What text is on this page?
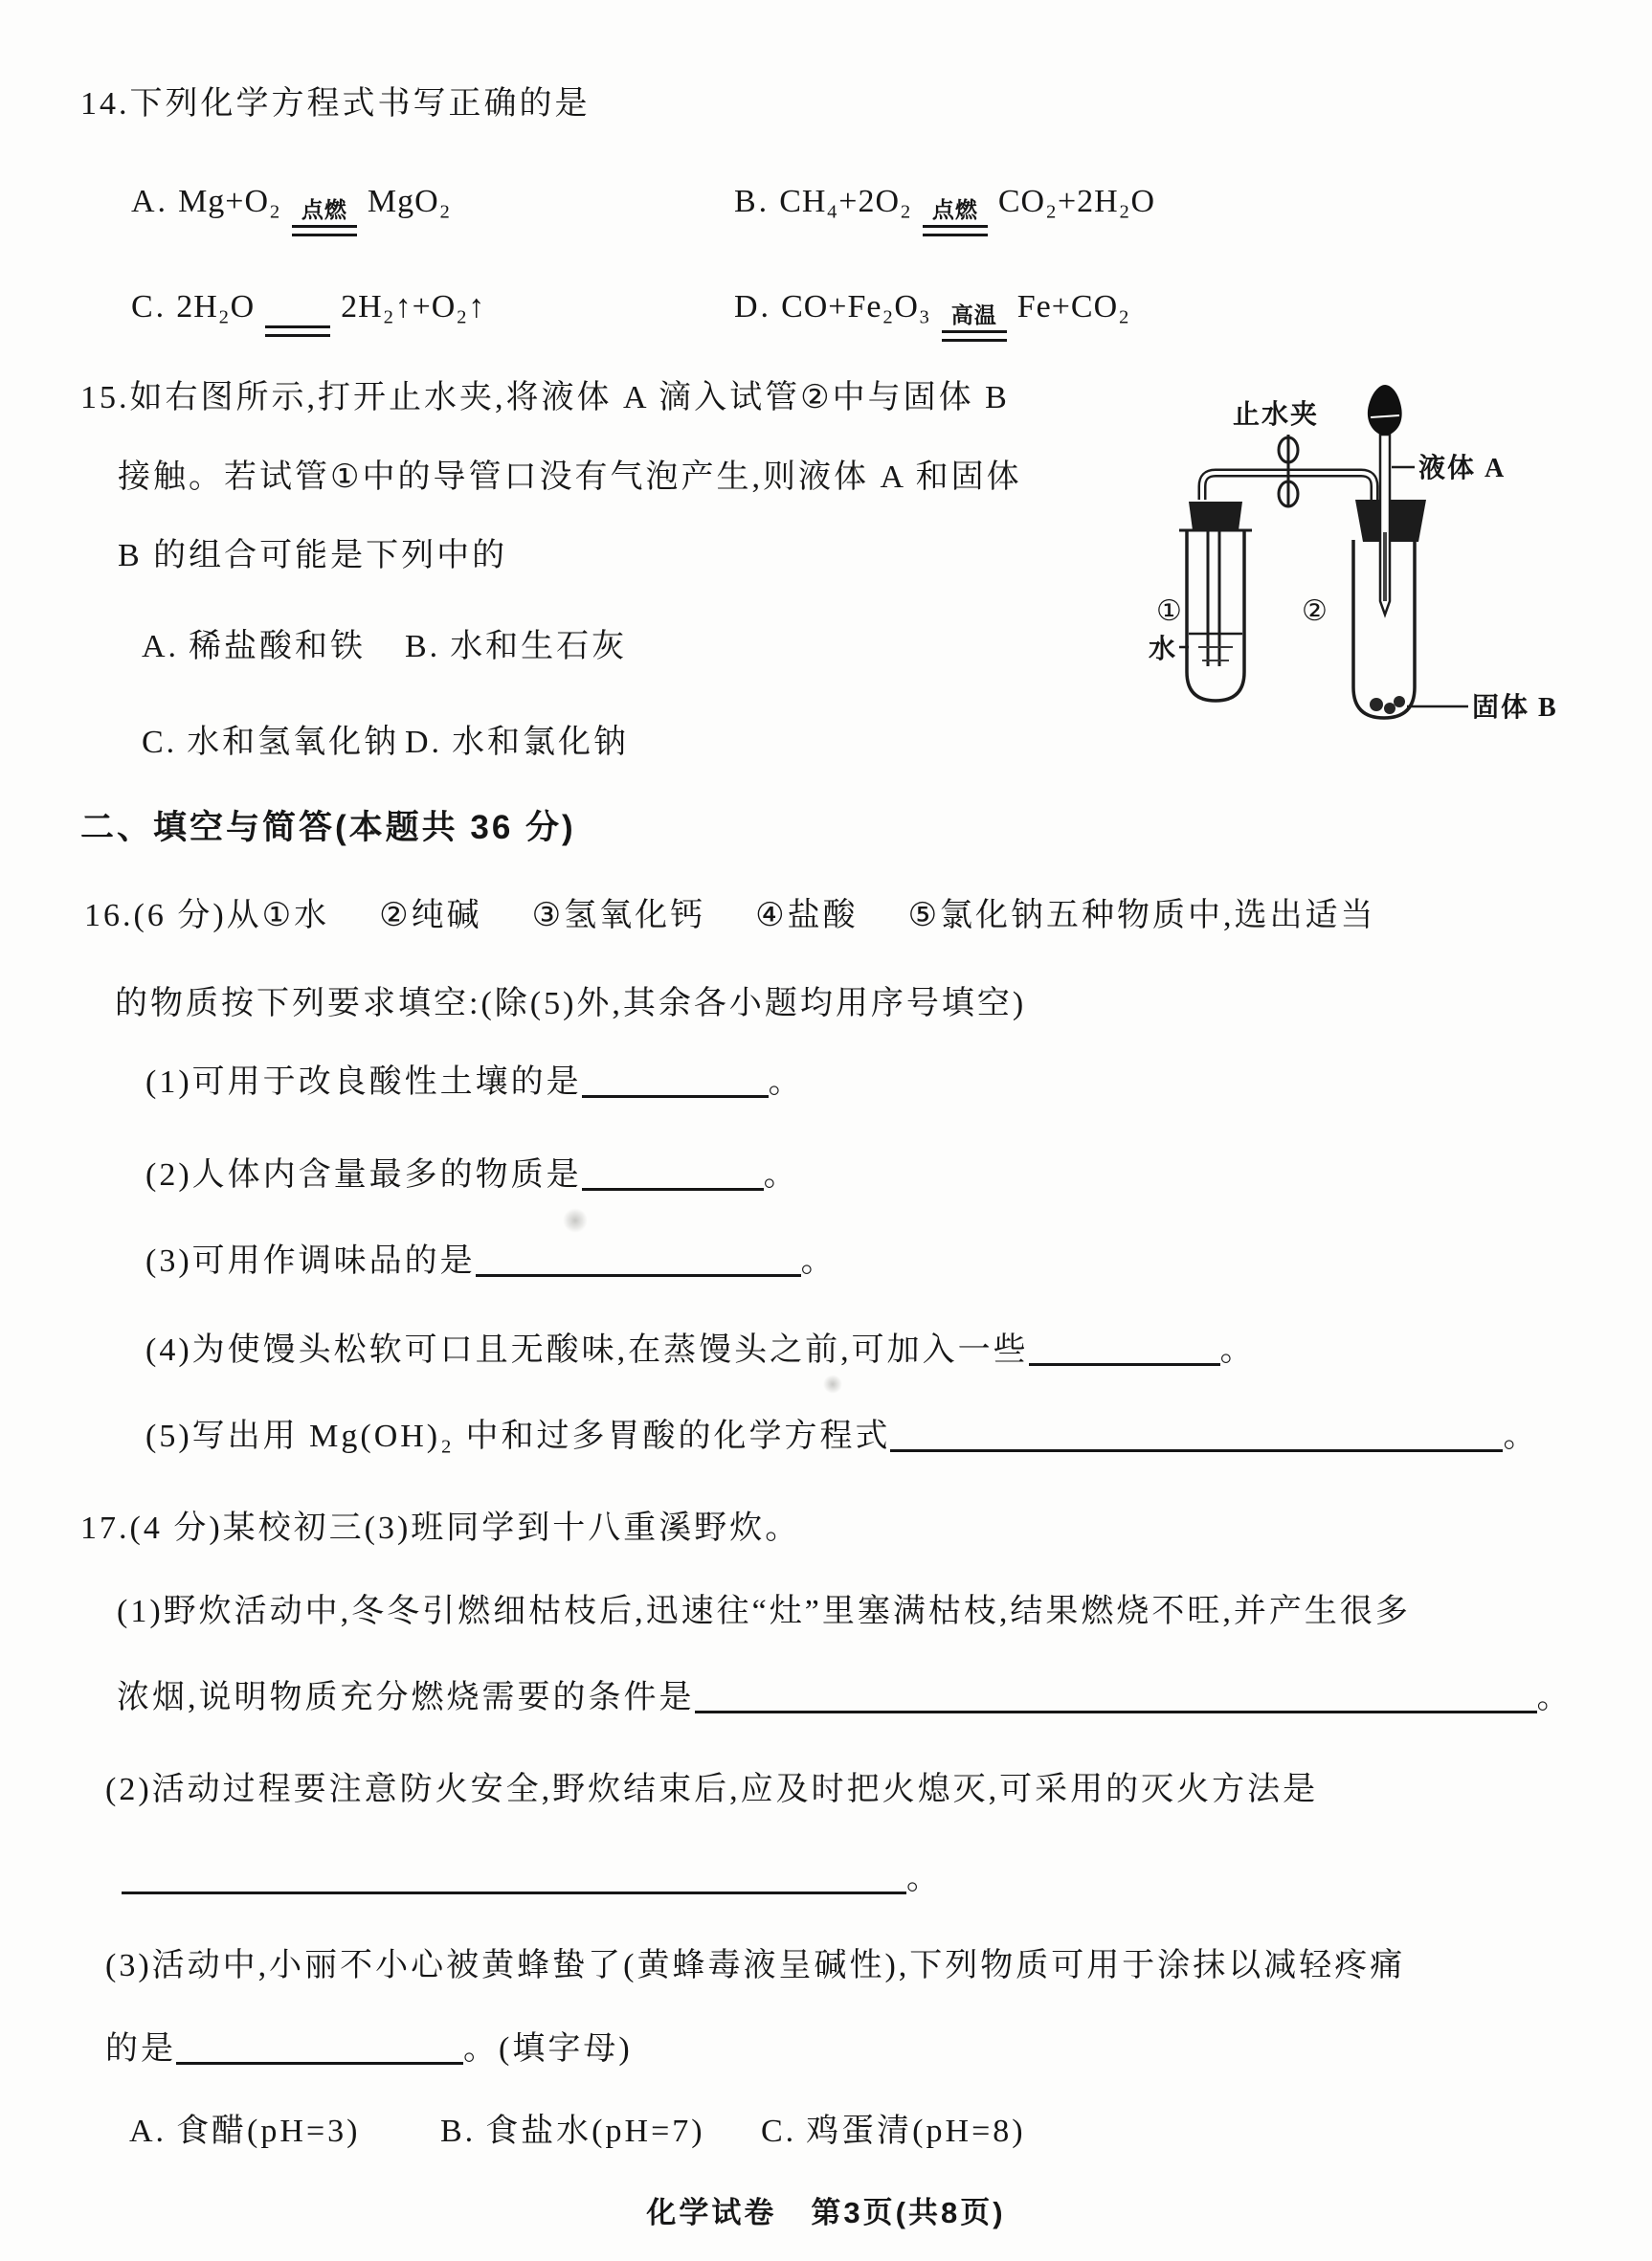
14.下列化学方程式书写正确的是
A. Mg+O₂ 点燃 MgO₂	B. CH₄+2O₂ 点燃 CO₂+2H₂O
C. 2H₂O	2H₂↑+O₂↑	D. CO+Fe₂O₃ 高温 Fe+CO₂
15.如右图所示,打开止水夹,将液体 A 滴入试管②中与固体 B
接触。若试管①中的导管口没有气泡产生,则液体 A 和固体
B 的组合可能是下列中的
A. 稀盐酸和铁 B. 水和生石灰
C. 水和氢氧化钠 D. 水和氯化钠
止水夹
液体 A
①	②
水
固体 B
二、填空与简答(本题共 36 分)
16.(6 分)从①水 ②纯碱 ③氢氧化钙 ④盐酸 ⑤氯化钠五种物质中,选出适当
的物质按下列要求填空:(除(5)外,其余各小题均用序号填空)
(1)可用于改良酸性土壤的是	。
(2)人体内含量最多的物质是	。
(3)可用作调味品的是	。
(4)为使馒头松软可口且无酸味,在蒸馒头之前,可加入一些	。
(5)写出用 Mg(OH)₂ 中和过多胃酸的化学方程式	。
17.(4 分)某校初三(3)班同学到十八重溪野炊。
(1)野炊活动中,冬冬引燃细枯枝后,迅速往“灶”里塞满枯枝,结果燃烧不旺,并产生很多
浓烟,说明物质充分燃烧需要的条件是	。
(2)活动过程要注意防火安全,野炊结束后,应及时把火熄灭,可采用的灭火方法是
。
(3)活动中,小丽不小心被黄蜂蛰了(黄蜂毒液呈碱性),下列物质可用于涂抹以减轻疼痛
的是	。(填字母)
A. 食醋(pH=3) B. 食盐水(pH=7) C. 鸡蛋清(pH=8)
化学试卷 第3页(共8页)
